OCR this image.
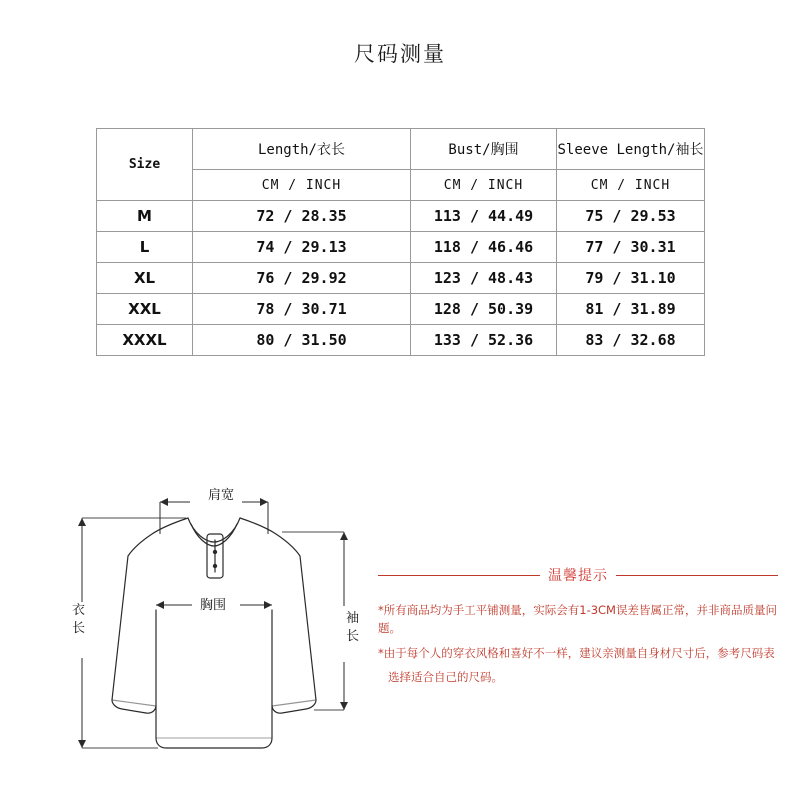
尺码测量
Size	Length/衣长	Bust/胸围	Sleeve Length/袖长
	CM / INCH	CM / INCH	CM / INCH
M	72 / 28.35	113 / 44.49	75 / 29.53
L	74 / 29.13	118 / 46.46	77 / 30.31
XL	76 / 29.92	123 / 48.43	79 / 31.10
XXL	78 / 30.71	128 / 50.39	81 / 31.89
XXXL	80 / 31.50	133 / 52.36	83 / 32.68
肩宽
胸围
衣长
袖长
温馨提示
*所有商品均为手工平铺测量，实际会有1-3CM误差皆属正常，并非商品质量问题。
*由于每个人的穿衣风格和喜好不一样，建议亲测量自身材尺寸后，参考尺码表
选择适合自己的尺码。
